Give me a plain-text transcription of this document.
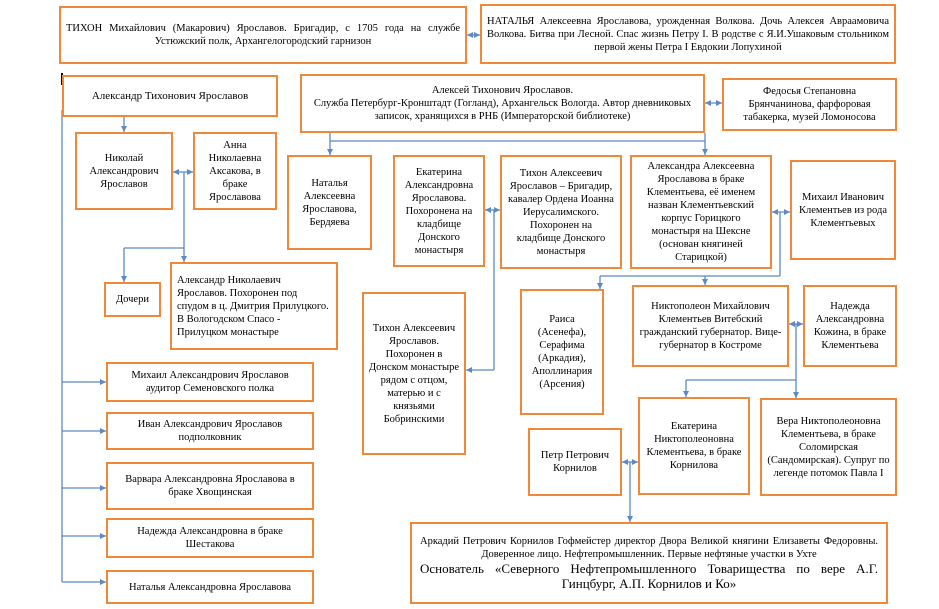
ТИХОН Михайлович (Макарович) Ярославов. Бригадир, с 1705 года на службе Устюжский полк, Архангелогородский гарнизон
НАТАЛЬЯ Алексеевна Ярославова, урожденная Волкова. Дочь Алексея Авраамовича Волкова. Битва при Лесной. Спас жизнь Петру I. В родстве с Я.И.Ушаковым стольником первой жены Петра I Евдокии Лопухиной
Александр Тихонович Ярославов	Алексей Тихонович Ярославов.
Служба Петербург-Кронштадт (Гогланд), Архангельск Вологда. Автор дневниковых записок, хранящихся в РНБ (Императорской библиотеке)
Федосья Степановна Брянчанинова, фарфоровая табакерка, музей Ломоносова
Николай Александрович Ярославов
Анна Николаевна Аксакова, в браке Ярославова
Наталья Алексеевна Ярославова, Бердяева
Екатерина Александровна Ярославова. Похоронена на кладбище Донского монастыря
Тихон Алексеевич Ярославов – Бригадир, кавалер Ордена Иоанна Иерусалимского. Похоронен на кладбище Донского монастыря
Александра Алексеевна Ярославова в браке Клементьева, её именем назван Клементьевский корпус Горицкого монастыря на Шексне (основан княгиней Старицкой)
Михаил Иванович Клементьев из рода Клементьевых
Дочери
Александр Николаевич Ярославов. Похоронен под спудом в ц. Дмитрия Прилуцкого. В Вологодском Спасо - Прилуцком монастыре	Тихон Алексеевич Ярославов. Похоронен в Донском монастыре рядом с отцом, матерью и с князьями Бобринскими
Раиса (Асенефа), Серафима (Аркадия), Аполлинария (Арсения)
Никтополеон Михайлович Клементьев Витебский гражданский губернатор. Вице-губернатор в Костроме
Надежда Александровна Кожина, в браке Клементьева
Михаил Александрович Ярославов аудитор Семеновского полка
Иван Александрович Ярославов подполковник
Варвара Александровна Ярославова в браке Хвощинская
Надежда Александровна в браке Шестакова
Наталья Александровна Ярославова
Екатерина Никтополеоновна Клементьева, в браке Корнилова
Вера Никтополеоновна Клементьева, в браке Соломирская (Сандомирская). Супруг по легенде потомок Павла I
Петр Петрович Корнилов
Аркадий Петрович Корнилов Гофмейстер директор Двора Великой княгини Елизаветы Федоровны. Доверенное лицо. Нефтепромышленник. Первые нефтяные участки в Ухте
Основатель «Северного Нефтепромышленного Товарищества по вере А.Г. Гинцбург, А.П. Корнилов и Ко»
